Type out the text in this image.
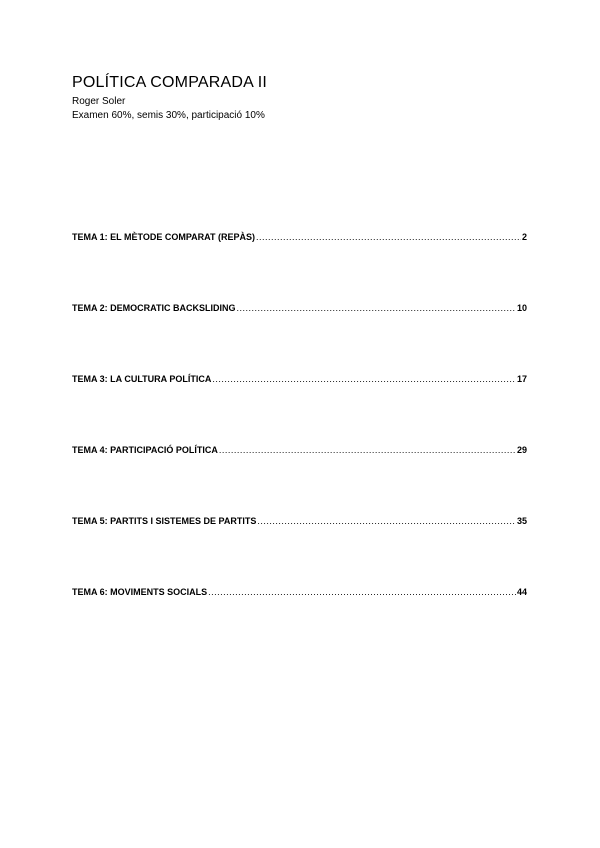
POLÍTICA COMPARADA II
Roger Soler
Examen 60%, semis 30%, participació 10%
TEMA 1: EL MÈTODE COMPARAT (REPÀS) .....	2
TEMA 2: DEMOCRATIC BACKSLIDING .....	10
TEMA 3: LA CULTURA POLÍTICA .....	17
TEMA 4: PARTICIPACIÓ POLÍTICA .....	29
TEMA 5: PARTITS I SISTEMES DE PARTITS .....	35
TEMA 6: MOVIMENTS SOCIALS .....	44
